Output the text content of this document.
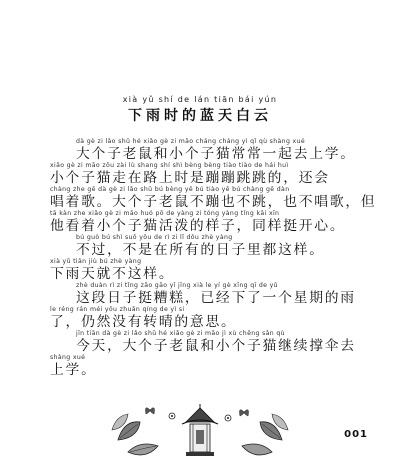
xià yǔ shí de lán tiān bái yún
下雨时的蓝天白云
dà gè zi lǎo shǔ hé xiǎo gè zi māo cháng cháng yì qǐ qù shàng xué
大个子老鼠和小个子猫常常一起去上学。
xiǎo gè zi māo zǒu zài lù shang shí shì bèng bèng tiào tiào de hái huì
小个子猫走在路上时是蹦蹦跳跳的，还会
chàng zhe gē dà gè zi lǎo shǔ bú bèng yě bú tiào yě bú chàng gē dàn
唱着歌。大个子老鼠不蹦也不跳，也不唱歌，但
tā kàn zhe xiǎo gè zi māo huó pō de yàng zi tóng yàng tǐng kāi xīn
他看着小个子猫活泼的样子，同样挺开心。
bú guò bú shì suǒ yǒu de rì zi lǐ dōu zhè yàng
不过，不是在所有的日子里都这样。
xià yǔ tiān jiù bú zhè yàng
下雨天就不这样。
zhè duàn rì zi tǐng zāo gāo yǐ jīng xià le yí gè xīng qī de yǔ
这段日子挺糟糕，已经下了一个星期的雨
le réng rán méi yǒu zhuǎn qíng de yì si
了，仍然没有转晴的意思。
jīn tiān dà gè zi lǎo shǔ hé xiǎo gè zi māo jì xù chēng sǎn qù
今天，大个子老鼠和小个子猫继续撑伞去
shàng xué
上学。
001
